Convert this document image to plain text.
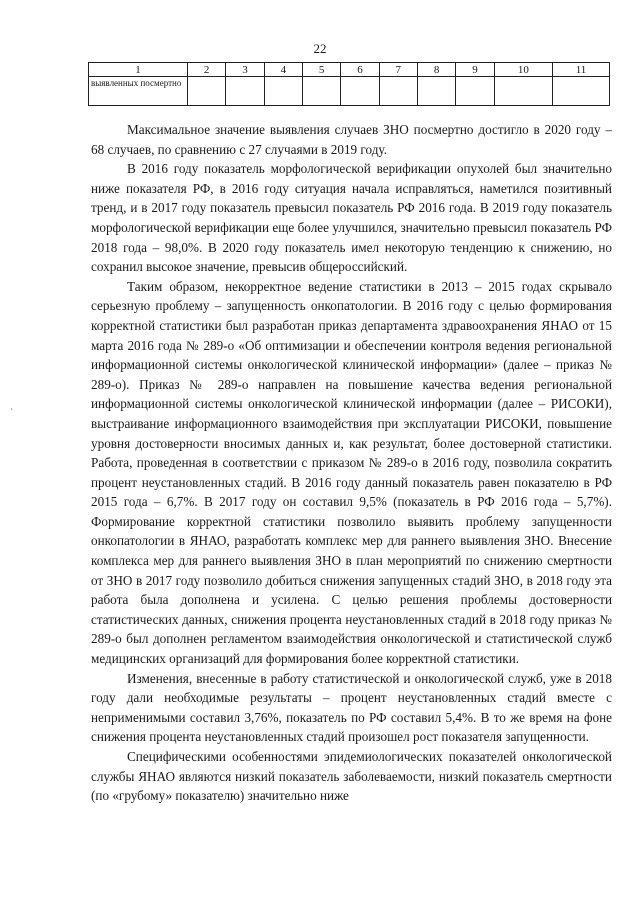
22
1	2	3	4	5	6	7	8	9	10	11
выявленных посмертно										

Максимальное значение выявления случаев ЗНО посмертно достигло в 2020 году – 68 случаев, по сравнению с 27 случаями в 2019 году.

В 2016 году показатель морфологической верификации опухолей был значительно ниже показателя РФ, в 2016 году ситуация начала исправляться, наметился позитивный тренд, и в 2017 году показатель превысил показатель РФ 2016 года. В 2019 году показатель морфологической верификации еще более улучшился, значительно превысил показатель РФ 2018 года – 98,0%. В 2020 году показатель имел некоторую тенденцию к снижению, но сохранил высокое значение, превысив общероссийский.

Таким образом, некорректное ведение статистики в 2013 – 2015 годах скрывало серьезную проблему – запущенность онкопатологии. В 2016 году с целью формирования корректной статистики был разработан приказ департамента здравоохранения ЯНАО от 15 марта 2016 года № 289-о «Об оптимизации и обеспечении контроля ведения региональной информационной системы онкологической клинической информации» (далее – приказ № 289-о). Приказ № 289-о направлен на повышение качества ведения региональной информационной системы онкологической клинической информации (далее – РИСОКИ), выстраивание информационного взаимодействия при эксплуатации РИСОКИ, повышение уровня достоверности вносимых данных и, как результат, более достоверной статистики. Работа, проведенная в соответствии с приказом № 289-о в 2016 году, позволила сократить процент неустановленных стадий. В 2016 году данный показатель равен показателю в РФ 2015 года – 6,7%. В 2017 году он составил 9,5% (показатель в РФ 2016 года – 5,7%). Формирование корректной статистики позволило выявить проблему запущенности онкопатологии в ЯНАО, разработать комплекс мер для раннего выявления ЗНО. Внесение комплекса мер для раннего выявления ЗНО в план мероприятий по снижению смертности от ЗНО в 2017 году позволило добиться снижения запущенных стадий ЗНО, в 2018 году эта работа была дополнена и усилена. С целью решения проблемы достоверности статистических данных, снижения процента неустановленных стадий в 2018 году приказ № 289-о был дополнен регламентом взаимодействия онкологической и статистической служб медицинских организаций для формирования более корректной статистики.

Изменения, внесенные в работу статистической и онкологической служб, уже в 2018 году дали необходимые результаты – процент неустановленных стадий вместе с неприменимыми составил 3,76%, показатель по РФ составил 5,4%. В то же время на фоне снижения процента неустановленных стадий произошел рост показателя запущенности.

Специфическими особенностями эпидемиологических показателей онкологической службы ЯНАО являются низкий показатель заболеваемости, низкий показатель смертности (по «грубому» показателю) значительно ниже

`
